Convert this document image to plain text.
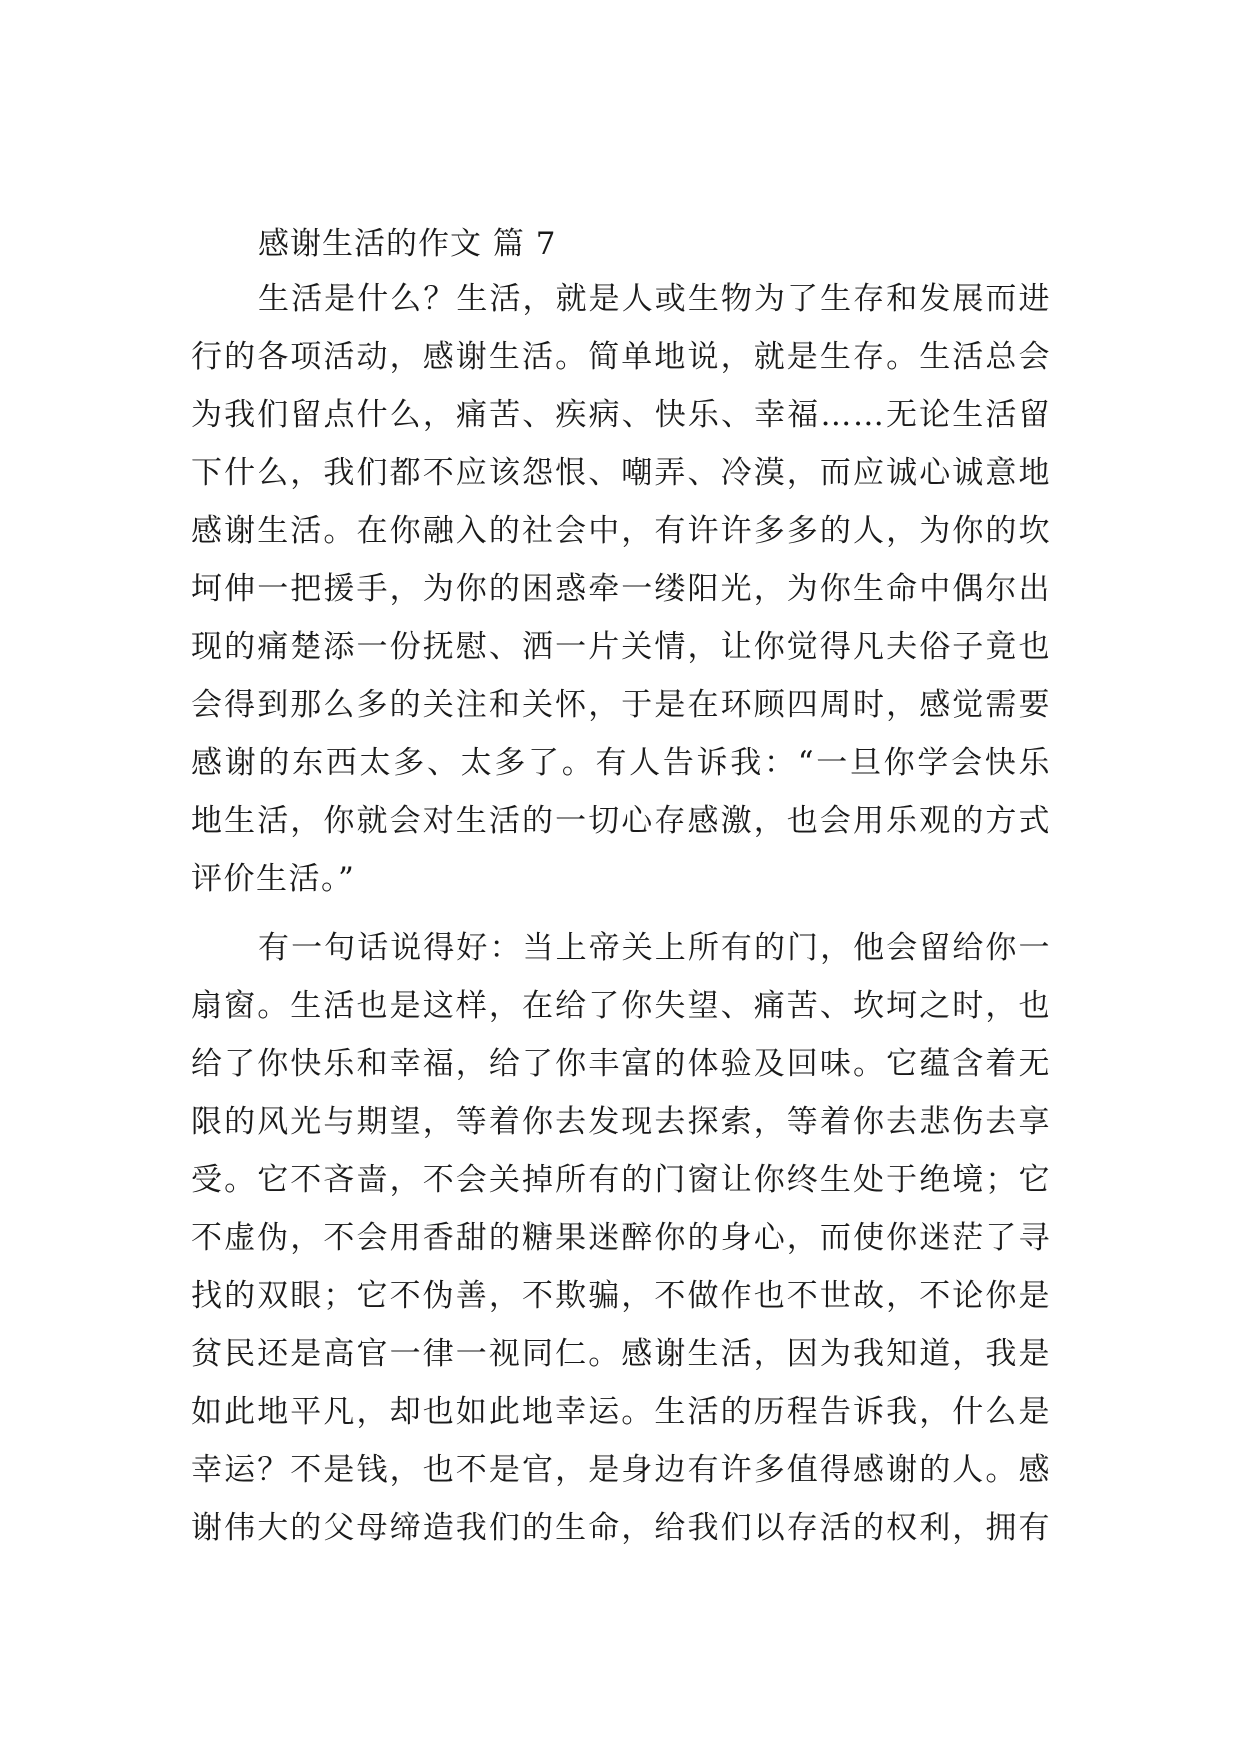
感谢生活的作文 篇 7
生活是什么？生活，就是人或生物为了生存和发展而进
行的各项活动，感谢生活。简单地说，就是生存。生活总会
为我们留点什么，痛苦、疾病、快乐、幸福……无论生活留
下什么，我们都不应该怨恨、嘲弄、冷漠，而应诚心诚意地
感谢生活。在你融入的社会中，有许许多多的人，为你的坎
坷伸一把援手，为你的困惑牵一缕阳光，为你生命中偶尔出
现的痛楚添一份抚慰、洒一片关情，让你觉得凡夫俗子竟也
会得到那么多的关注和关怀，于是在环顾四周时，感觉需要
感谢的东西太多、太多了。有人告诉我：“一旦你学会快乐
地生活，你就会对生活的一切心存感激，也会用乐观的方式
评价生活。”
有一句话说得好：当上帝关上所有的门，他会留给你一
扇窗。生活也是这样，在给了你失望、痛苦、坎坷之时，也
给了你快乐和幸福，给了你丰富的体验及回味。它蕴含着无
限的风光与期望，等着你去发现去探索，等着你去悲伤去享
受。它不吝啬，不会关掉所有的门窗让你终生处于绝境；它
不虚伪，不会用香甜的糖果迷醉你的身心，而使你迷茫了寻
找的双眼；它不伪善，不欺骗，不做作也不世故，不论你是
贫民还是高官一律一视同仁。感谢生活，因为我知道，我是
如此地平凡，却也如此地幸运。生活的历程告诉我，什么是
幸运？不是钱，也不是官，是身边有许多值得感谢的人。感
谢伟大的父母缔造我们的生命，给我们以存活的权利，拥有
